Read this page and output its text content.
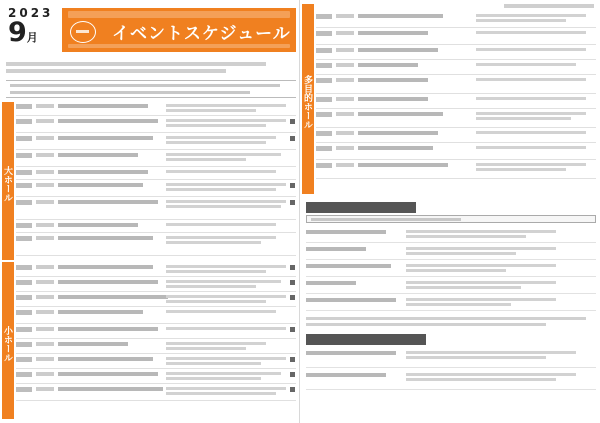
2023
9月	イベントスケジュール
大ホール
小ホール
多目的ホール
